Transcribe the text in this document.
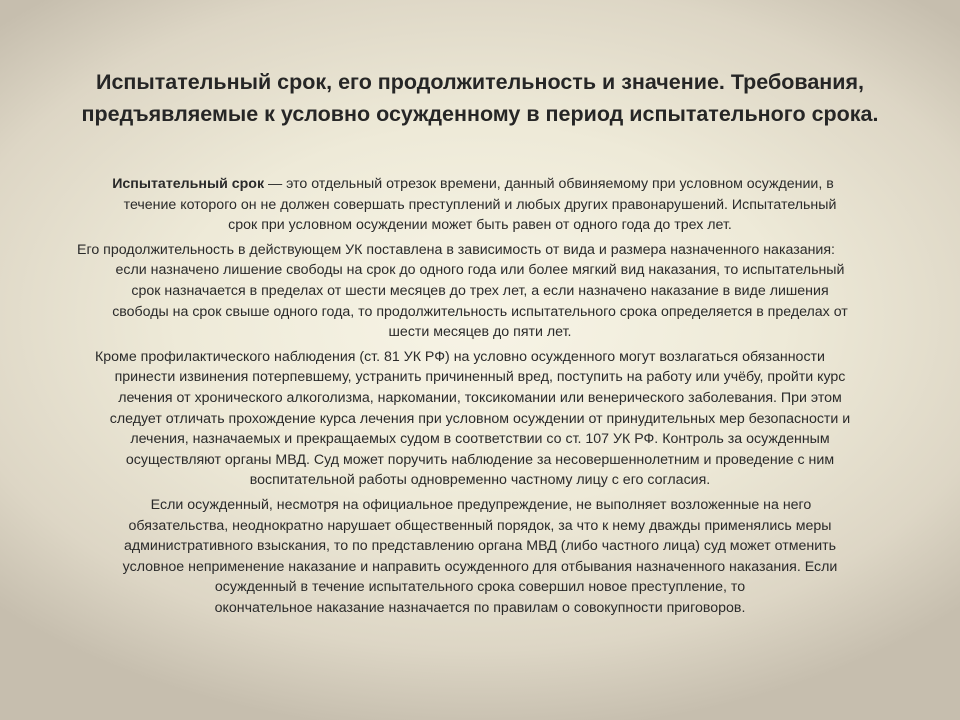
Испытательный срок, его продолжительность и значение. Требования,
предъявляемые к условно осужденному в период испытательного срока.

Испытательный срок — это отдельный отрезок времени, данный обвиняемому при условном осуждении, в
течение которого он не должен совершать преступлений и любых других правонарушений. Испытательный
срок при условном осуждении может быть равен от одного года до трех лет.

Его продолжительность в действующем УК поставлена в зависимость от вида и размера назначенного наказания:
если назначено лишение свободы на срок до одного года или более мягкий вид наказания, то испытательный
срок назначается в пределах от шести месяцев до трех лет, а если назначено наказание в виде лишения
свободы на срок свыше одного года, то продолжительность испытательного срока определяется в пределах от
шести месяцев до пяти лет.

Кроме профилактического наблюдения (ст. 81 УК РФ) на условно осужденного могут возлагаться обязанности
принести извинения потерпевшему, устранить причиненный вред, поступить на работу или учёбу, пройти курс
лечения от хронического алкоголизма, наркомании, токсикомании или венерического заболевания. При этом
следует отличать прохождение курса лечения при условном осуждении от принудительных мер безопасности и
лечения, назначаемых и прекращаемых судом в соответствии со ст. 107 УК РФ. Контроль за осужденным
осуществляют органы МВД. Суд может поручить наблюдение за несовершеннолетним и проведение с ним
воспитательной работы одновременно частному лицу с его согласия.

Если осужденный, несмотря на официальное предупреждение, не выполняет возложенные на него
обязательства, неоднократно нарушает общественный порядок, за что к нему дважды применялись меры
административного взыскания, то по представлению органа МВД (либо частного лица) суд может отменить
условное неприменение наказание и направить осужденного для отбывания назначенного наказания. Если
осужденный в течение испытательного срока совершил новое преступление, то
окончательное наказание назначается по правилам о совокупности приговоров.
